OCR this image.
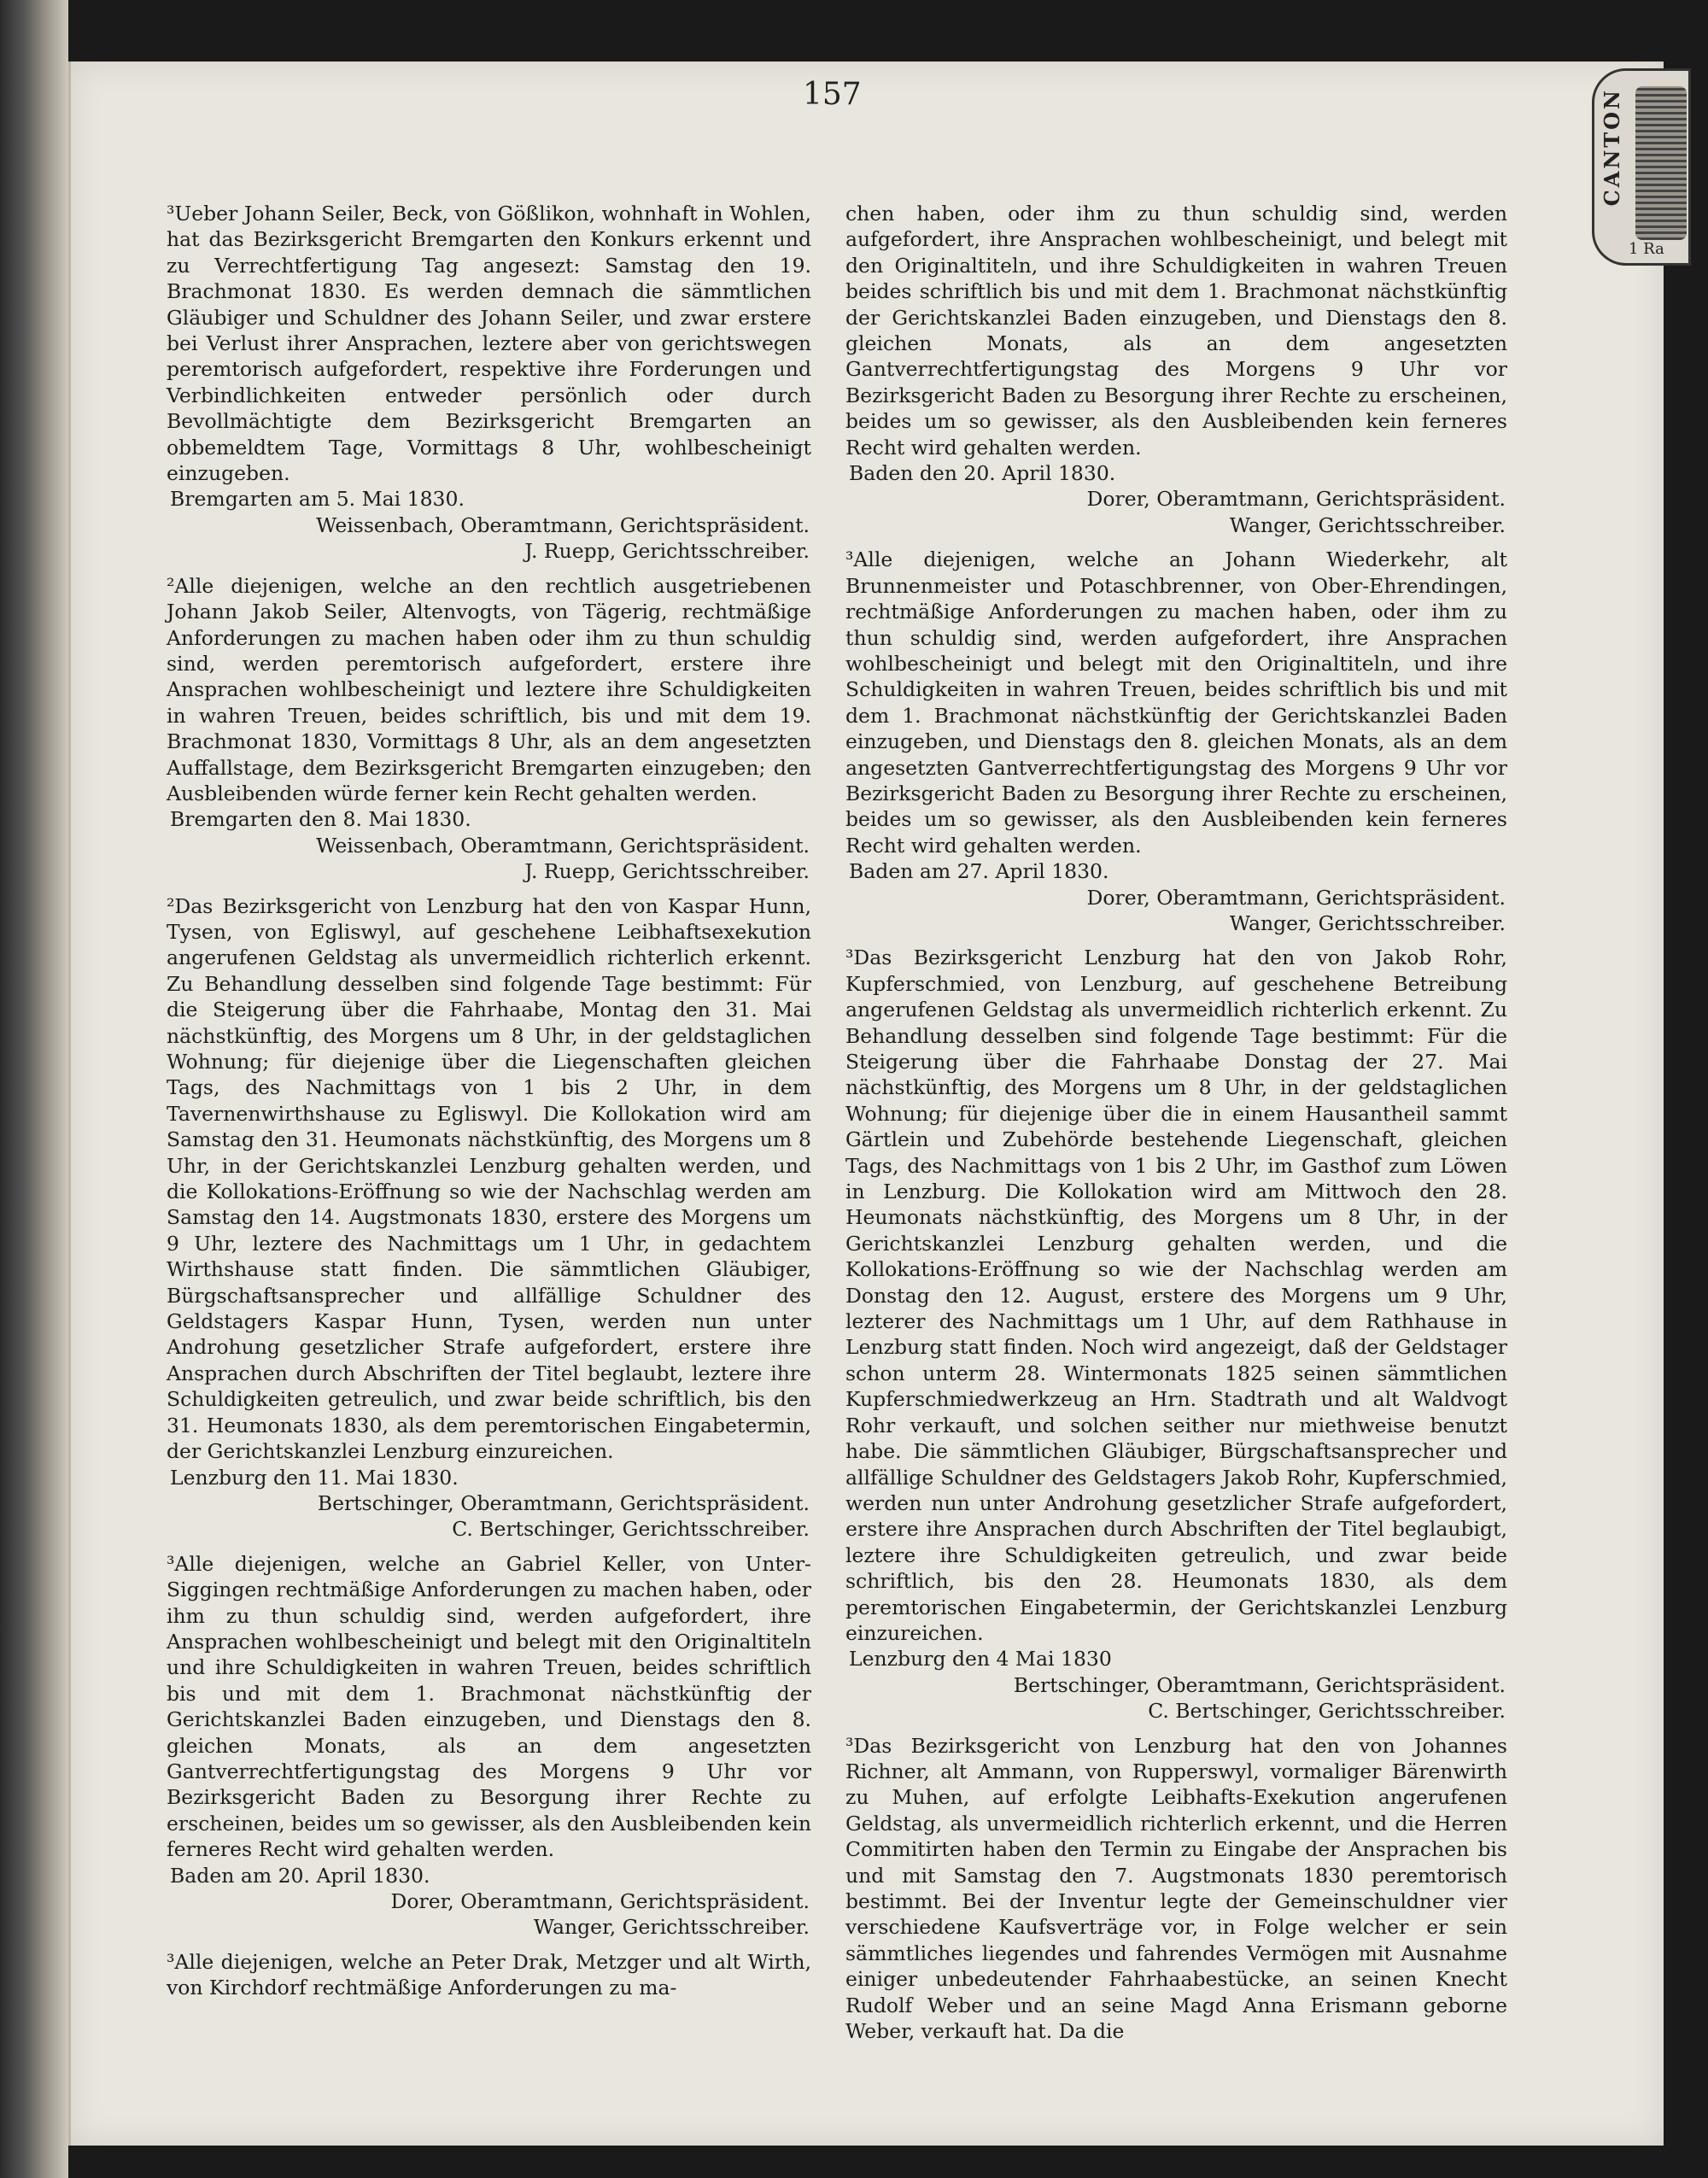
157	CANTON
1 Ra

³Ueber Johann Seiler, Beck, von Gößlikon, wohnhaft in Wohlen, hat das Bezirksgericht Bremgarten den Konkurs erkennt und zu Verrechtfertigung Tag angesezt: Samstag den 19. Brachmonat 1830. Es werden demnach die sämmtlichen Gläubiger und Schuldner des Johann Seiler, und zwar erstere bei Verlust ihrer Ansprachen, leztere aber von gerichtswegen peremtorisch aufgefordert, respektive ihre Forderungen und Verbindlichkeiten entweder persönlich oder durch Bevollmächtigte dem Bezirksgericht Bremgarten an obbemeldtem Tage, Vormittags 8 Uhr, wohlbescheinigt einzugeben.

Bremgarten am 5. Mai 1830.

Weissenbach, Oberamtmann, Gerichtspräsident.

J. Ruepp, Gerichtsschreiber.

²Alle diejenigen, welche an den rechtlich ausgetriebenen Johann Jakob Seiler, Altenvogts, von Tägerig, rechtmäßige Anforderungen zu machen haben oder ihm zu thun schuldig sind, werden peremtorisch aufgefordert, erstere ihre Ansprachen wohlbescheinigt und leztere ihre Schuldigkeiten in wahren Treuen, beides schriftlich, bis und mit dem 19. Brachmonat 1830, Vormittags 8 Uhr, als an dem angesetzten Auffallstage, dem Bezirksgericht Bremgarten einzugeben; den Ausbleibenden würde ferner kein Recht gehalten werden.

Bremgarten den 8. Mai 1830.

Weissenbach, Oberamtmann, Gerichtspräsident.

J. Ruepp, Gerichtsschreiber.

²Das Bezirksgericht von Lenzburg hat den von Kaspar Hunn, Tysen, von Egliswyl, auf geschehene Leibhaftsexekution angerufenen Geldstag als unvermeidlich richterlich erkennt. Zu Behandlung desselben sind folgende Tage bestimmt: Für die Steigerung über die Fahrhaabe, Montag den 31. Mai nächstkünftig, des Morgens um 8 Uhr, in der geldstaglichen Wohnung; für diejenige über die Liegenschaften gleichen Tags, des Nachmittags von 1 bis 2 Uhr, in dem Tavernenwirthshause zu Egliswyl. Die Kollokation wird am Samstag den 31. Heumonats nächstkünftig, des Morgens um 8 Uhr, in der Gerichtskanzlei Lenzburg gehalten werden, und die Kollokations-Eröffnung so wie der Nachschlag werden am Samstag den 14. Augstmonats 1830, erstere des Morgens um 9 Uhr, leztere des Nachmittags um 1 Uhr, in gedachtem Wirthshause statt finden. Die sämmtlichen Gläubiger, Bürgschaftsansprecher und allfällige Schuldner des Geldstagers Kaspar Hunn, Tysen, werden nun unter Androhung gesetzlicher Strafe aufgefordert, erstere ihre Ansprachen durch Abschriften der Titel beglaubt, leztere ihre Schuldigkeiten getreulich, und zwar beide schriftlich, bis den 31. Heumonats 1830, als dem peremtorischen Eingabetermin, der Gerichtskanzlei Lenzburg einzureichen.

Lenzburg den 11. Mai 1830.

Bertschinger, Oberamtmann, Gerichtspräsident.

C. Bertschinger, Gerichtsschreiber.

³Alle diejenigen, welche an Gabriel Keller, von Unter-Siggingen rechtmäßige Anforderungen zu machen haben, oder ihm zu thun schuldig sind, werden aufgefordert, ihre Ansprachen wohlbescheinigt und belegt mit den Originaltiteln und ihre Schuldigkeiten in wahren Treuen, beides schriftlich bis und mit dem 1. Brachmonat nächstkünftig der Gerichtskanzlei Baden einzugeben, und Dienstags den 8. gleichen Monats, als an dem angesetzten Gantverrechtfertigungstag des Morgens 9 Uhr vor Bezirksgericht Baden zu Besorgung ihrer Rechte zu erscheinen, beides um so gewisser, als den Ausbleibenden kein ferneres Recht wird gehalten werden.

Baden am 20. April 1830.

Dorer, Oberamtmann, Gerichtspräsident.

Wanger, Gerichtsschreiber.

³Alle diejenigen, welche an Peter Drak, Metzger und alt Wirth, von Kirchdorf rechtmäßige Anforderungen zu ma-

chen haben, oder ihm zu thun schuldig sind, werden aufgefordert, ihre Ansprachen wohlbescheinigt, und belegt mit den Originaltiteln, und ihre Schuldigkeiten in wahren Treuen beides schriftlich bis und mit dem 1. Brachmonat nächstkünftig der Gerichtskanzlei Baden einzugeben, und Dienstags den 8. gleichen Monats, als an dem angesetzten Gantverrechtfertigungstag des Morgens 9 Uhr vor Bezirksgericht Baden zu Besorgung ihrer Rechte zu erscheinen, beides um so gewisser, als den Ausbleibenden kein ferneres Recht wird gehalten werden.

Baden den 20. April 1830.

Dorer, Oberamtmann, Gerichtspräsident.

Wanger, Gerichtsschreiber.

³Alle diejenigen, welche an Johann Wiederkehr, alt Brunnenmeister und Potaschbrenner, von Ober-Ehrendingen, rechtmäßige Anforderungen zu machen haben, oder ihm zu thun schuldig sind, werden aufgefordert, ihre Ansprachen wohlbescheinigt und belegt mit den Originaltiteln, und ihre Schuldigkeiten in wahren Treuen, beides schriftlich bis und mit dem 1. Brachmonat nächstkünftig der Gerichtskanzlei Baden einzugeben, und Dienstags den 8. gleichen Monats, als an dem angesetzten Gantverrechtfertigungstag des Morgens 9 Uhr vor Bezirksgericht Baden zu Besorgung ihrer Rechte zu erscheinen, beides um so gewisser, als den Ausbleibenden kein ferneres Recht wird gehalten werden.

Baden am 27. April 1830.

Dorer, Oberamtmann, Gerichtspräsident.

Wanger, Gerichtsschreiber.

³Das Bezirksgericht Lenzburg hat den von Jakob Rohr, Kupferschmied, von Lenzburg, auf geschehene Betreibung angerufenen Geldstag als unvermeidlich richterlich erkennt. Zu Behandlung desselben sind folgende Tage bestimmt: Für die Steigerung über die Fahrhaabe Donstag der 27. Mai nächstkünftig, des Morgens um 8 Uhr, in der geldstaglichen Wohnung; für diejenige über die in einem Hausantheil sammt Gärtlein und Zubehörde bestehende Liegenschaft, gleichen Tags, des Nachmittags von 1 bis 2 Uhr, im Gasthof zum Löwen in Lenzburg. Die Kollokation wird am Mittwoch den 28. Heumonats nächstkünftig, des Morgens um 8 Uhr, in der Gerichtskanzlei Lenzburg gehalten werden, und die Kollokations-Eröffnung so wie der Nachschlag werden am Donstag den 12. August, erstere des Morgens um 9 Uhr, lezterer des Nachmittags um 1 Uhr, auf dem Rathhause in Lenzburg statt finden. Noch wird angezeigt, daß der Geldstager schon unterm 28. Wintermonats 1825 seinen sämmtlichen Kupferschmiedwerkzeug an Hrn. Stadtrath und alt Waldvogt Rohr verkauft, und solchen seither nur miethweise benutzt habe. Die sämmtlichen Gläubiger, Bürgschaftsansprecher und allfällige Schuldner des Geldstagers Jakob Rohr, Kupferschmied, werden nun unter Androhung gesetzlicher Strafe aufgefordert, erstere ihre Ansprachen durch Abschriften der Titel beglaubigt, leztere ihre Schuldigkeiten getreulich, und zwar beide schriftlich, bis den 28. Heumonats 1830, als dem peremtorischen Eingabetermin, der Gerichtskanzlei Lenzburg einzureichen.

Lenzburg den 4 Mai 1830

Bertschinger, Oberamtmann, Gerichtspräsident.

C. Bertschinger, Gerichtsschreiber.

³Das Bezirksgericht von Lenzburg hat den von Johannes Richner, alt Ammann, von Rupperswyl, vormaliger Bärenwirth zu Muhen, auf erfolgte Leibhafts-Exekution angerufenen Geldstag, als unvermeidlich richterlich erkennt, und die Herren Commitirten haben den Termin zu Eingabe der Ansprachen bis und mit Samstag den 7. Augstmonats 1830 peremtorisch bestimmt. Bei der Inventur legte der Gemeinschuldner vier verschiedene Kaufsverträge vor, in Folge welcher er sein sämmtliches liegendes und fahrendes Vermögen mit Ausnahme einiger unbedeutender Fahrhaabestücke, an seinen Knecht Rudolf Weber und an seine Magd Anna Erismann geborne Weber, verkauft hat. Da die
